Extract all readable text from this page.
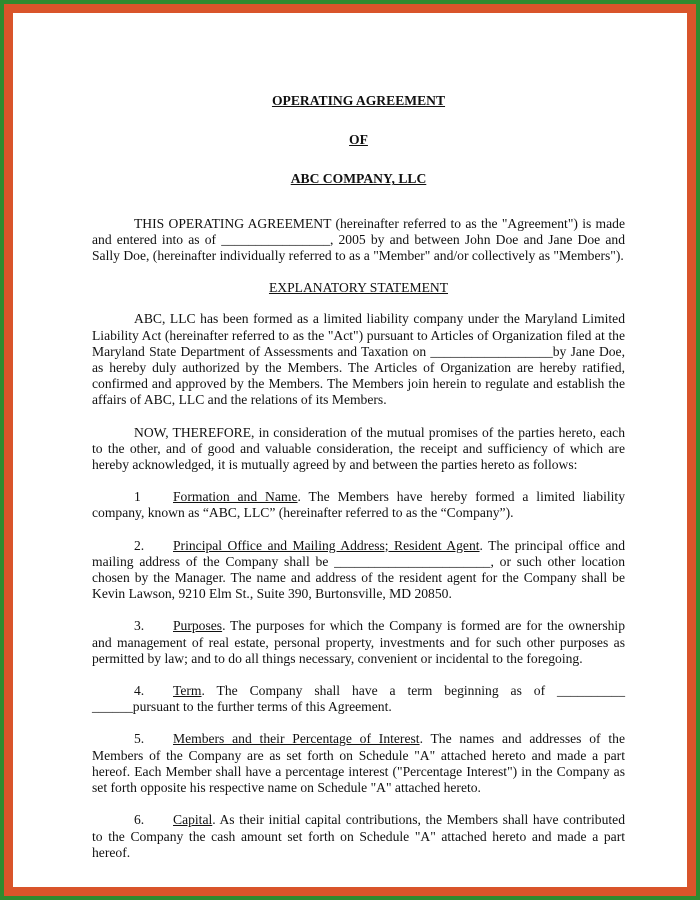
OPERATING AGREEMENT
OF
ABC COMPANY, LLC

THIS OPERATING AGREEMENT (hereinafter referred to as the "Agreement") is made and entered into as of ________________, 2005 by and between John Doe and Jane Doe and Sally Doe, (hereinafter individually referred to as a "Member" and/or collectively as "Members").

EXPLANATORY STATEMENT

ABC, LLC has been formed as a limited liability company under the Maryland Limited Liability Act (hereinafter referred to as the "Act") pursuant to Articles of Organization filed at the Maryland State Department of Assessments and Taxation on __________________by Jane Doe, as hereby duly authorized by the Members. The Articles of Organization are hereby ratified, confirmed and approved by the Members. The Members join herein to regulate and establish the affairs of ABC, LLC and the relations of its Members.

NOW, THEREFORE, in consideration of the mutual promises of the parties hereto, each to the other, and of good and valuable consideration, the receipt and sufficiency of which are hereby acknowledged, it is mutually agreed by and between the parties hereto as follows:

1 Formation and Name. The Members have hereby formed a limited liability company, known as “ABC, LLC” (hereinafter referred to as the “Company”).

2. Principal Office and Mailing Address; Resident Agent. The principal office and mailing address of the Company shall be _______________________, or such other location chosen by the Manager. The name and address of the resident agent for the Company shall be Kevin Lawson, 9210 Elm St., Suite 390, Burtonsville, MD 20850.

3. Purposes. The purposes for which the Company is formed are for the ownership and management of real estate, personal property, investments and for such other purposes as permitted by law; and to do all things necessary, convenient or incidental to the foregoing.

4. Term. The Company shall have a term beginning as of __________ ______pursuant to the further terms of this Agreement.

5. Members and their Percentage of Interest. The names and addresses of the Members of the Company are as set forth on Schedule "A" attached hereto and made a part hereof. Each Member shall have a percentage interest ("Percentage Interest") in the Company as set forth opposite his respective name on Schedule "A" attached hereto.

6. Capital. As their initial capital contributions, the Members shall have contributed to the Company the cash amount set forth on Schedule "A" attached hereto and made a part hereof.
